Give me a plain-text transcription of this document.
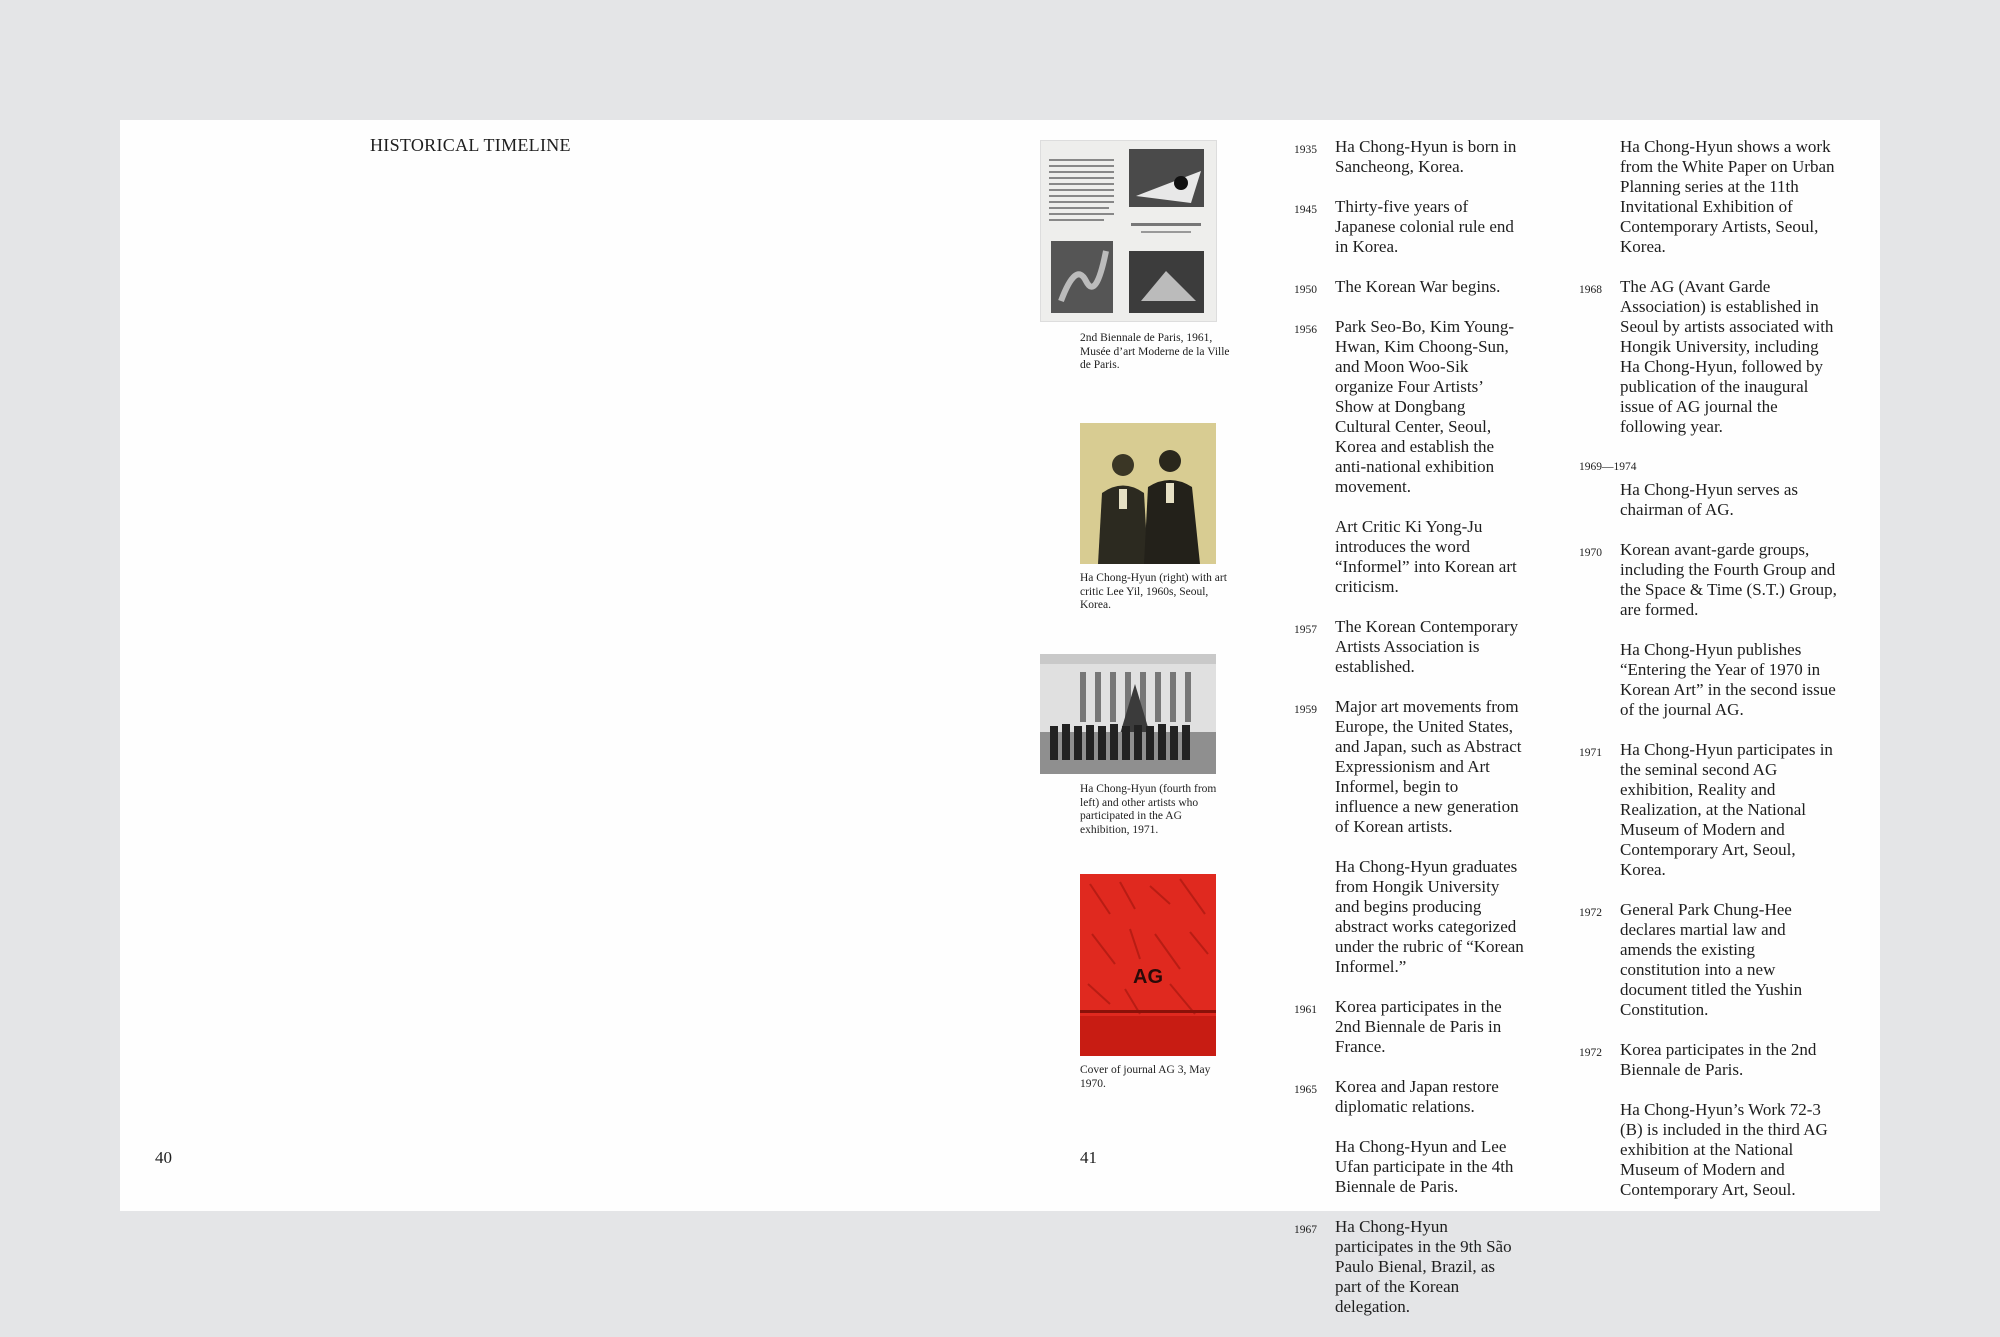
HISTORICAL TIMELINE
40	41
2nd Biennale de Paris, 1961, Musée d’art Moderne de la Ville de Paris.
Ha Chong-Hyun (right) with art critic Lee Yil, 1960s, Seoul, Korea.
Ha Chong-Hyun (fourth from left) and other artists who participated in the AG exhibition, 1971.
AG
Cover of journal AG 3, May 1970.
1935 Ha Chong-Hyun is born in Sancheong, Korea.
1945 Thirty-five years of Japanese colonial rule end in Korea.
1950 The Korean War begins.
1956 Park Seo-Bo, Kim Young-Hwan, Kim Choong-Sun, and Moon Woo-Sik organize Four Artists’ Show at Dongbang Cultural Center, Seoul, Korea and establish the anti-national exhibition movement.
Art Critic Ki Yong-Ju introduces the word “Informel” into Korean art criticism.
1957 The Korean Contemporary Artists Association is established.
1959 Major art movements from Europe, the United States, and Japan, such as Abstract Expressionism and Art Informel, begin to influence a new generation of Korean artists.
Ha Chong-Hyun graduates from Hongik University and begins producing abstract works categorized under the rubric of “Korean Informel.”
1961 Korea participates in the 2nd Biennale de Paris in France.
1965 Korea and Japan restore diplomatic relations.
Ha Chong-Hyun and Lee Ufan participate in the 4th Biennale de Paris.
1967 Ha Chong-Hyun participates in the 9th São Paulo Bienal, Brazil, as part of the Korean delegation.
Ha Chong-Hyun shows a work from the White Paper on Urban Planning series at the 11th Invitational Exhibition of Contemporary Artists, Seoul, Korea.
1968 The AG (Avant Garde Association) is established in Seoul by artists associated with Hongik University, including Ha Chong-Hyun, followed by publication of the inaugural issue of AG journal the following year.
1969—1974
Ha Chong-Hyun serves as chairman of AG.
1970 Korean avant-garde groups, including the Fourth Group and the Space & Time (S.T.) Group, are formed.
Ha Chong-Hyun publishes “Entering the Year of 1970 in Korean Art” in the second issue of the journal AG.
1971 Ha Chong-Hyun participates in the seminal second AG exhibition, Reality and Realization, at the National Museum of Modern and Contemporary Art, Seoul, Korea.
1972 General Park Chung-Hee declares martial law and amends the existing constitution into a new document titled the Yushin Constitution.
1972 Korea participates in the 2nd Biennale de Paris.
Ha Chong-Hyun’s Work 72-3 (B) is included in the third AG exhibition at the National Museum of Modern and Contemporary Art, Seoul.
